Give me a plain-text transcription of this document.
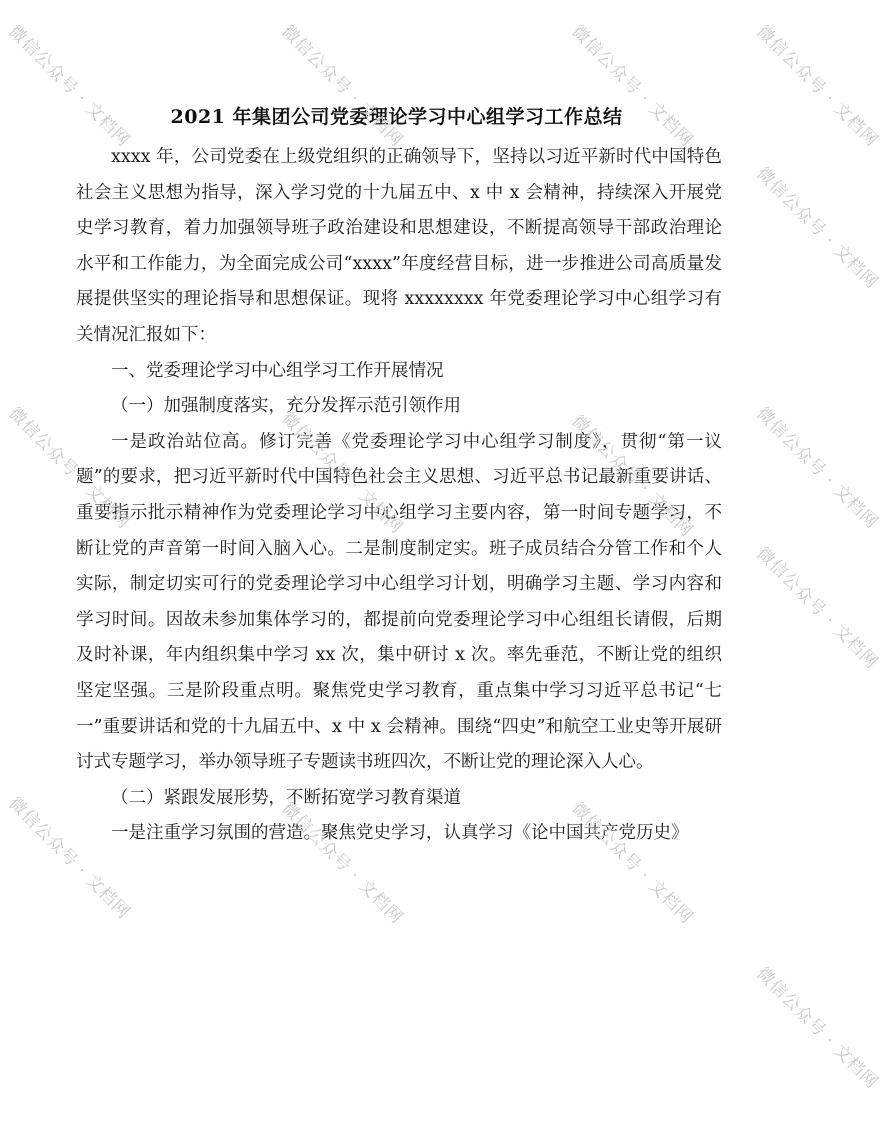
2021 年集团公司党委理论学习中心组学习工作总结

xxxx 年，公司党委在上级党组织的正确领导下，坚持以习近平新时代中国特色社会主义思想为指导，深入学习党的十九届五中、x 中 x 会精神，持续深入开展党史学习教育，着力加强领导班子政治建设和思想建设，不断提高领导干部政治理论水平和工作能力，为全面完成公司“xxxx”年度经营目标，进一步推进公司高质量发展提供坚实的理论指导和思想保证。现将 xxxxxxxx 年党委理论学习中心组学习有关情况汇报如下：

一、党委理论学习中心组学习工作开展情况

（一）加强制度落实，充分发挥示范引领作用

一是政治站位高。修订完善《党委理论学习中心组学习制度》，贯彻“第一议题”的要求，把习近平新时代中国特色社会主义思想、习近平总书记最新重要讲话、重要指示批示精神作为党委理论学习中心组学习主要内容，第一时间专题学习，不断让党的声音第一时间入脑入心。二是制度制定实。班子成员结合分管工作和个人实际，制定切实可行的党委理论学习中心组学习计划，明确学习主题、学习内容和学习时间。因故未参加集体学习的，都提前向党委理论学习中心组组长请假，后期及时补课，年内组织集中学习 xx 次，集中研讨 x 次。率先垂范，不断让党的组织坚定坚强。三是阶段重点明。聚焦党史学习教育，重点集中学习习近平总书记“七一”重要讲话和党的十九届五中、x 中 x 会精神。围绕“四史”和航空工业史等开展研讨式专题学习，举办领导班子专题读书班四次，不断让党的理论深入人心。

（二）紧跟发展形势，不断拓宽学习教育渠道

一是注重学习氛围的营造。聚焦党史学习，认真学习《论中国共产党历史》

微信公众号 · 文档网
微信公众号 · 文档网
微信公众号 · 文档网
微信公众号 · 文档网
微信公众号 · 文档网
微信公众号 · 文档网
微信公众号 · 文档网
微信公众号 · 文档网
微信公众号 · 文档网
微信公众号 · 文档网
微信公众号 · 文档网
微信公众号 · 文档网
微信公众号 · 文档网
微信公众号 · 文档网
